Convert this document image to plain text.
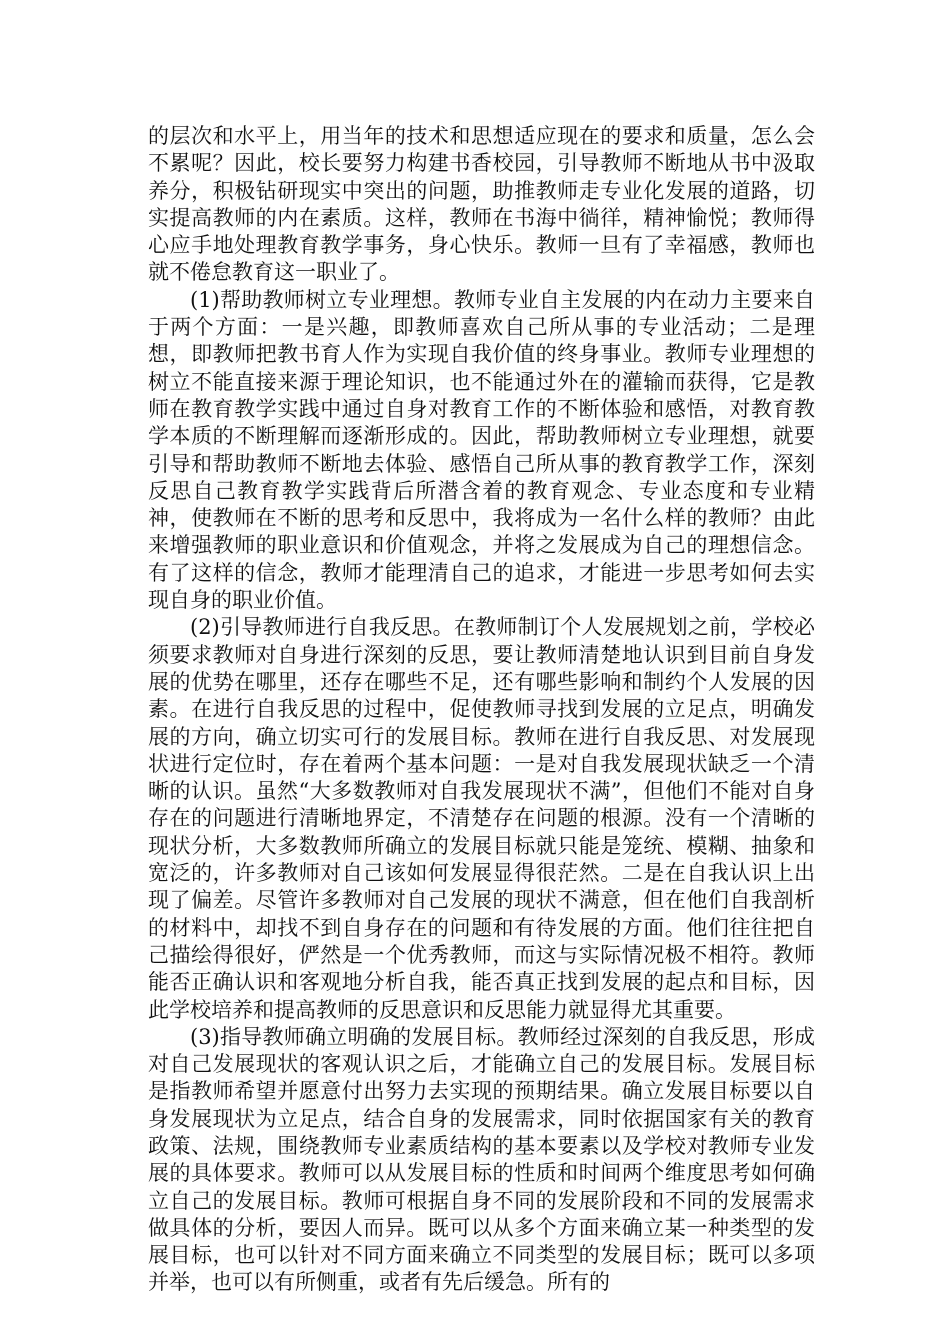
的层次和水平上，用当年的技术和思想适应现在的要求和质量，怎么会不累呢？因此，校长要努力构建书香校园，引导教师不断地从书中汲取养分，积极钻研现实中突出的问题，助推教师走专业化发展的道路，切实提高教师的内在素质。这样，教师在书海中徜徉，精神愉悦；教师得心应手地处理教育教学事务，身心快乐。教师一旦有了幸福感，教师也就不倦怠教育这一职业了。

(1)帮助教师树立专业理想。教师专业自主发展的内在动力主要来自于两个方面：一是兴趣，即教师喜欢自己所从事的专业活动；二是理想，即教师把教书育人作为实现自我价值的终身事业。教师专业理想的树立不能直接来源于理论知识，也不能通过外在的灌输而获得，它是教师在教育教学实践中通过自身对教育工作的不断体验和感悟，对教育教学本质的不断理解而逐渐形成的。因此，帮助教师树立专业理想，就要引导和帮助教师不断地去体验、感悟自己所从事的教育教学工作，深刻反思自己教育教学实践背后所潜含着的教育观念、专业态度和专业精神，使教师在不断的思考和反思中，我将成为一名什么样的教师？由此来增强教师的职业意识和价值观念，并将之发展成为自己的理想信念。有了这样的信念，教师才能理清自己的追求，才能进一步思考如何去实现自身的职业价值。

(2)引导教师进行自我反思。在教师制订个人发展规划之前，学校必须要求教师对自身进行深刻的反思，要让教师清楚地认识到目前自身发展的优势在哪里，还存在哪些不足，还有哪些影响和制约个人发展的因素。在进行自我反思的过程中，促使教师寻找到发展的立足点，明确发展的方向，确立切实可行的发展目标。教师在进行自我反思、对发展现状进行定位时，存在着两个基本问题：一是对自我发展现状缺乏一个清晰的认识。虽然“大多数教师对自我发展现状不满”，但他们不能对自身存在的问题进行清晰地界定，不清楚存在问题的根源。没有一个清晰的现状分析，大多数教师所确立的发展目标就只能是笼统、模糊、抽象和宽泛的，许多教师对自己该如何发展显得很茫然。二是在自我认识上出现了偏差。尽管许多教师对自己发展的现状不满意，但在他们自我剖析的材料中，却找不到自身存在的问题和有待发展的方面。他们往往把自己描绘得很好，俨然是一个优秀教师，而这与实际情况极不相符。教师能否正确认识和客观地分析自我，能否真正找到发展的起点和目标，因此学校培养和提高教师的反思意识和反思能力就显得尤其重要。

(3)指导教师确立明确的发展目标。教师经过深刻的自我反思，形成对自己发展现状的客观认识之后，才能确立自己的发展目标。发展目标是指教师希望并愿意付出努力去实现的预期结果。确立发展目标要以自身发展现状为立足点，结合自身的发展需求，同时依据国家有关的教育政策、法规，围绕教师专业素质结构的基本要素以及学校对教师专业发展的具体要求。教师可以从发展目标的性质和时间两个维度思考如何确立自己的发展目标。教师可根据自身不同的发展阶段和不同的发展需求做具体的分析，要因人而异。既可以从多个方面来确立某一种类型的发展目标，也可以针对不同方面来确立不同类型的发展目标；既可以多项并举，也可以有所侧重，或者有先后缓急。所有的
